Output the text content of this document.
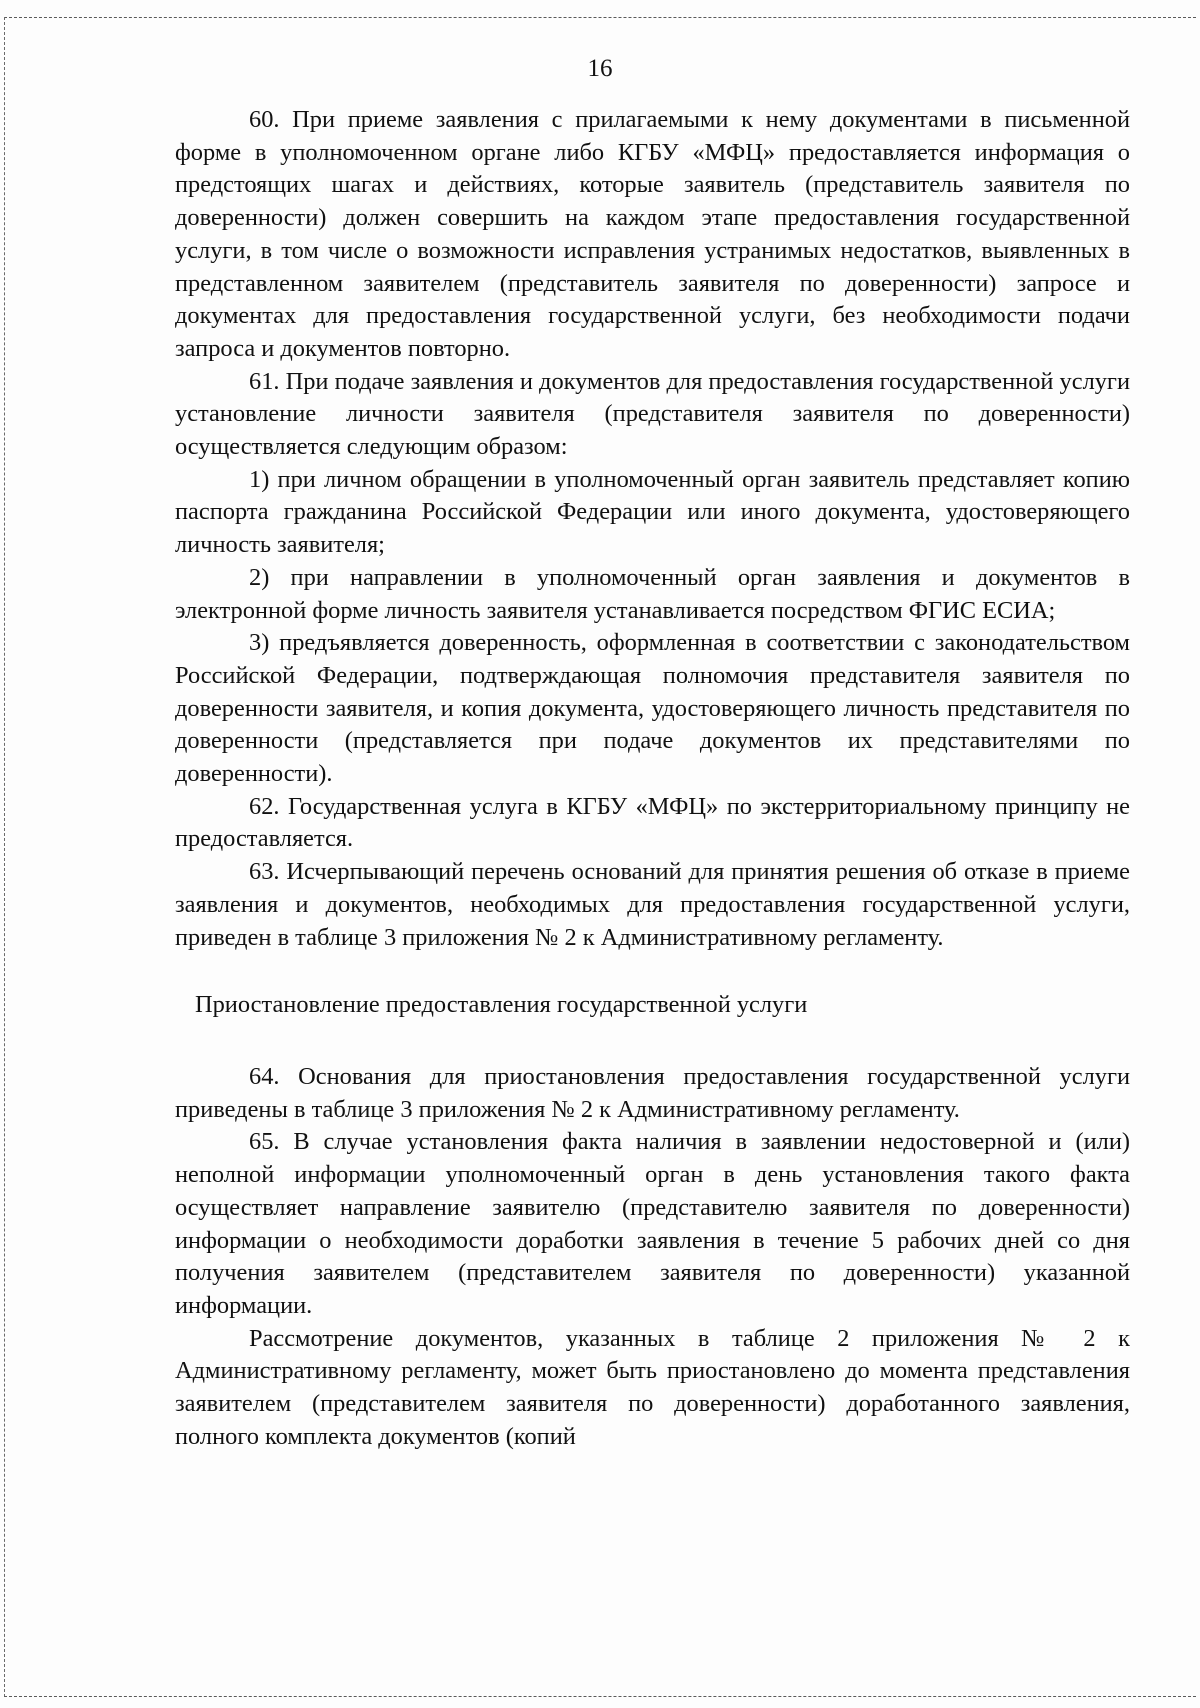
16

60. При приеме заявления с прилагаемыми к нему документами в письменной форме в уполномоченном органе либо КГБУ «МФЦ» предоставляется информация о предстоящих шагах и действиях, которые заявитель (представитель заявителя по доверенности) должен совершить на каждом этапе предоставления государственной услуги, в том числе о возможности исправления устранимых недостатков, выявленных в представленном заявителем (представитель заявителя по доверенности) запросе и документах для предоставления государственной услуги, без необходимости подачи запроса и документов повторно.

61. При подаче заявления и документов для предоставления государственной услуги установление личности заявителя (представителя заявителя по доверенности) осуществляется следующим образом:

1) при личном обращении в уполномоченный орган заявитель представляет копию паспорта гражданина Российской Федерации или иного документа, удостоверяющего личность заявителя;

2) при направлении в уполномоченный орган заявления и документов в электронной форме личность заявителя устанавливается посредством ФГИС ЕСИА;

3) предъявляется доверенность, оформленная в соответствии с законодательством Российской Федерации, подтверждающая полномочия представителя заявителя по доверенности заявителя, и копия документа, удостоверяющего личность представителя по доверенности (представляется при подаче документов их представителями по доверенности).

62. Государственная услуга в КГБУ «МФЦ» по экстерриториальному принципу не предоставляется.

63. Исчерпывающий перечень оснований для принятия решения об отказе в приеме заявления и документов, необходимых для предоставления государственной услуги, приведен в таблице 3 приложения № 2 к Административному регламенту.

Приостановление предоставления государственной услуги

64. Основания для приостановления предоставления государственной услуги приведены в таблице 3 приложения № 2 к Административному регламенту.

65. В случае установления факта наличия в заявлении недостоверной и (или) неполной информации уполномоченный орган в день установления такого факта осуществляет направление заявителю (представителю заявителя по доверенности) информации о необходимости доработки заявления в течение 5 рабочих дней со дня получения заявителем (представителем заявителя по доверенности) указанной информации.

Рассмотрение документов, указанных в таблице 2 приложения № 2 к Административному регламенту, может быть приостановлено до момента представления заявителем (представителем заявителя по доверенности) доработанного заявления, полного комплекта документов (копий
